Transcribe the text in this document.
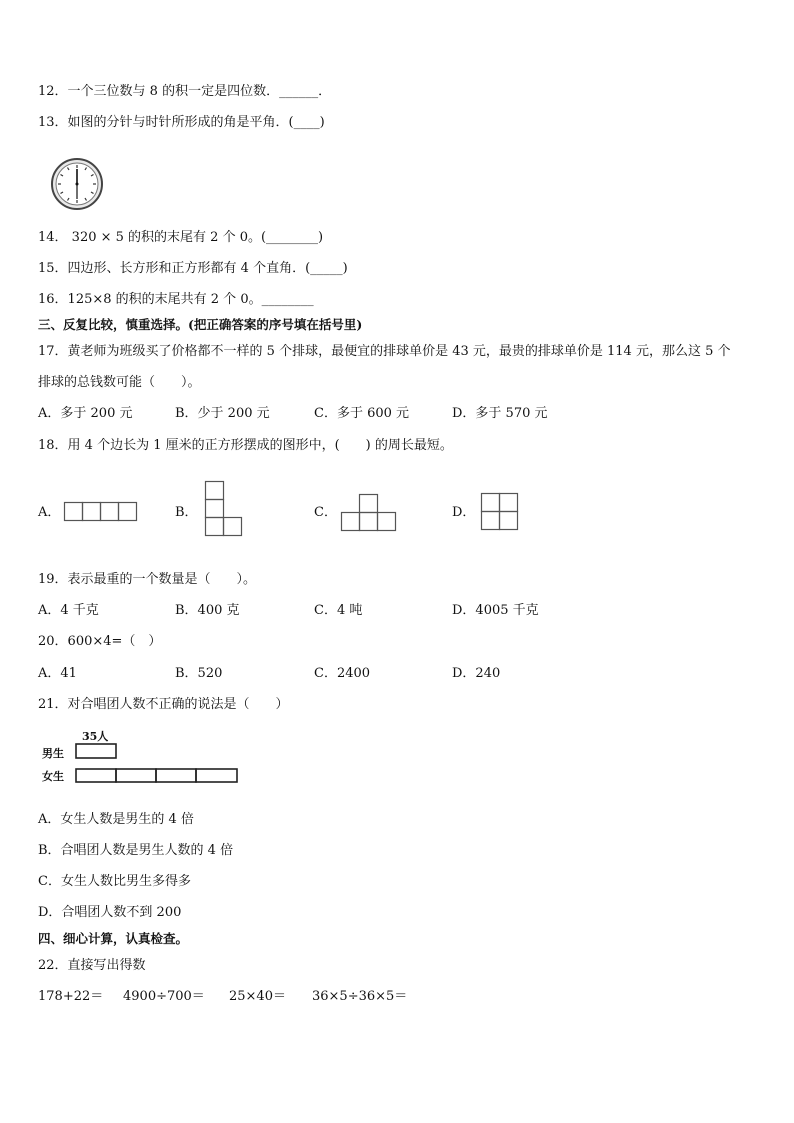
12．一个三位数与 8 的积一定是四位数．______．
13．如图的分针与时针所形成的角是平角．(____)
14． 320 × 5 的积的末尾有 2 个 0。(________)
15．四边形、长方形和正方形都有 4 个直角．(_____)
16．125×8 的积的末尾共有 2 个 0。________
三、反复比较，慎重选择。(把正确答案的序号填在括号里)
17．黄老师为班级买了价格都不一样的 5 个排球，最便宜的排球单价是 43 元，最贵的排球单价是 114 元，那么这 5 个
排球的总钱数可能（　　）。
A．多于 200 元	B．少于 200 元	C．多于 600 元	D．多于 570 元
18．用 4 个边长为 1 厘米的正方形摆成的图形中，(　　) 的周长最短。
A．	B．	C．	D．
19．表示最重的一个数量是（　　）。
A．4 千克	B．400 克	C．4 吨	D．4005 千克
20．600×4=（　）
A．41	B．520	C．2400	D．240
21．对合唱团人数不正确的说法是（　　）
35人
男生
女生
A．女生人数是男生的 4 倍
B．合唱团人数是男生人数的 4 倍
C．女生人数比男生多得多
D．合唱团人数不到 200
四、细心计算，认真检查。
22．直接写出得数
178+22＝ 4900÷700＝ 25×40＝ 36×5÷36×5＝
